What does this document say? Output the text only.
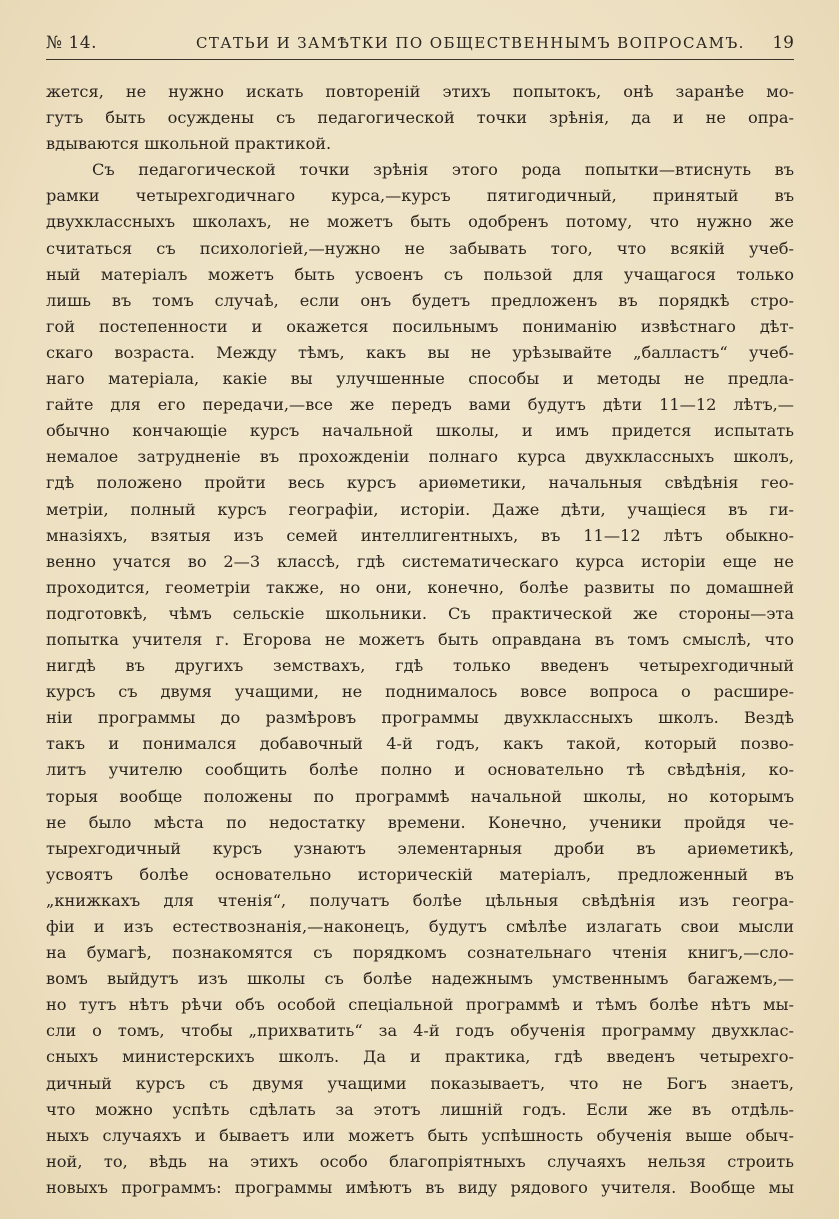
№ 14.	СТАТЬИ И ЗАМѢТКИ ПО ОБЩЕСТВЕННЫМЪ ВОПРОСАМЪ. 19
жется, не нужно искать повтореній этихъ попытокъ, онѣ заранѣе мо-
гутъ быть осуждены съ педагогической точки зрѣнія, да и не опра-
вдываются школьной практикой.
Съ педагогической точки зрѣнія этого рода попытки—втиснуть въ
рамки четырехгодичнаго курса,—курсъ пятигодичный, принятый въ
двухклассныхъ школахъ, не можетъ быть одобренъ потому, что нужно же
считаться съ психологіей,—нужно не забывать того, что всякій учеб-
ный матеріалъ можетъ быть усвоенъ съ пользой для учащагося только
лишь въ томъ случаѣ, если онъ будетъ предложенъ въ порядкѣ стро-
гой постепенности и окажется посильнымъ пониманію извѣстнаго дѣт-
скаго возраста. Между тѣмъ, какъ вы не урѣзывайте „балластъ“ учеб-
наго матеріала, какіе вы улучшенные способы и методы не предла-
гайте для его передачи,—все же передъ вами будутъ дѣти 11—12 лѣтъ,—
обычно кончающіе курсъ начальной школы, и имъ придется испытать
немалое затрудненіе въ прохожденіи полнаго курса двухклассныхъ школъ,
гдѣ положено пройти весь курсъ ариѳметики, начальныя свѣдѣнія гео-
метріи, полный курсъ географіи, исторіи. Даже дѣти, учащіеся въ ги-
мназіяхъ, взятыя изъ семей интеллигентныхъ, въ 11—12 лѣтъ обыкно-
венно учатся во 2—3 классѣ, гдѣ систематическаго курса исторіи еще не
проходится, геометріи также, но они, конечно, болѣе развиты по домашней
подготовкѣ, чѣмъ сельскіе школьники. Съ практической же стороны—эта
попытка учителя г. Егорова не можетъ быть оправдана въ томъ смыслѣ, что
нигдѣ въ другихъ земствахъ, гдѣ только введенъ четырехгодичный
курсъ съ двумя учащими, не поднималось вовсе вопроса о расшире-
ніи программы до размѣровъ программы двухклассныхъ школъ. Вездѣ
такъ и понимался добавочный 4-й годъ, какъ такой, который позво-
литъ учителю сообщить болѣе полно и основательно тѣ свѣдѣнія, ко-
торыя вообще положены по программѣ начальной школы, но которымъ
не было мѣста по недостатку времени. Конечно, ученики пройдя че-
тырехгодичный курсъ узнаютъ элементарныя дроби въ ариѳметикѣ,
усвоятъ болѣе основательно историческій матеріалъ, предложенный въ
„книжкахъ для чтенія“, получатъ болѣе цѣльныя свѣдѣнія изъ геогра-
фіи и изъ естествознанія,—наконецъ, будутъ смѣлѣе излагать свои мысли
на бумагѣ, познакомятся съ порядкомъ сознательнаго чтенія книгъ,—сло-
вомъ выйдутъ изъ школы съ болѣе надежнымъ умственнымъ багажемъ,—
но тутъ нѣтъ рѣчи объ особой спеціальной программѣ и тѣмъ болѣе нѣтъ мы-
сли о томъ, чтобы „прихватить“ за 4-й годъ обученія программу двухклас-
сныхъ министерскихъ школъ. Да и практика, гдѣ введенъ четырехго-
дичный курсъ съ двумя учащими показываетъ, что не Богъ знаетъ,
что можно успѣть сдѣлать за этотъ лишній годъ. Если же въ отдѣль-
ныхъ случаяхъ и бываетъ или можетъ быть успѣшность обученія выше обыч-
ной, то, вѣдь на этихъ особо благопріятныхъ случаяхъ нельзя строить
новыхъ программъ: программы имѣютъ въ виду рядового учителя. Вообще мы
